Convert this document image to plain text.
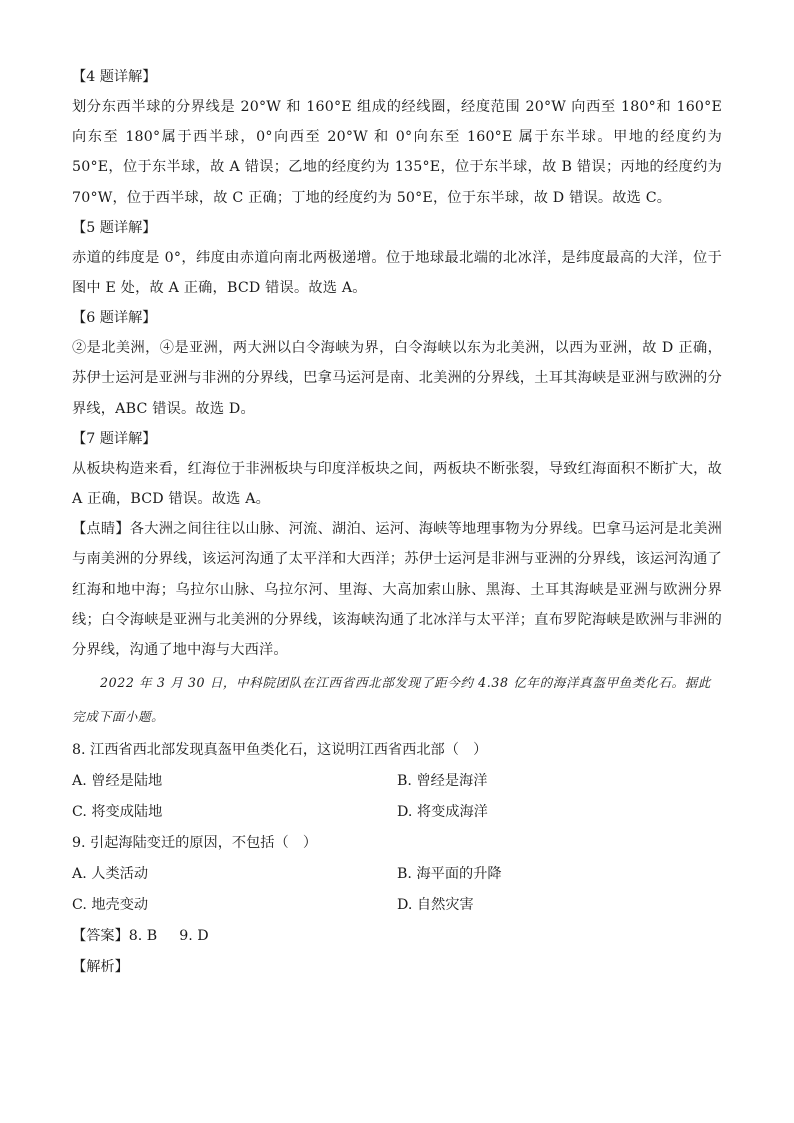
【4 题详解】

划分东西半球的分界线是 20°W 和 160°E 组成的经线圈，经度范围 20°W 向西至 180°和 160°E 向东至 180°属于西半球，0°向西至 20°W 和 0°向东至 160°E 属于东半球。甲地的经度约为 50°E，位于东半球，故 A 错误；乙地的经度约为 135°E，位于东半球，故 B 错误；丙地的经度约为 70°W，位于西半球，故 C 正确；丁地的经度约为 50°E，位于东半球，故 D 错误。故选 C。

【5 题详解】

赤道的纬度是 0°，纬度由赤道向南北两极递增。位于地球最北端的北冰洋，是纬度最高的大洋，位于图中 E 处，故 A 正确，BCD 错误。故选 A。

【6 题详解】

②是北美洲，④是亚洲，两大洲以白令海峡为界，白令海峡以东为北美洲，以西为亚洲，故 D 正确，苏伊士运河是亚洲与非洲的分界线，巴拿马运河是南、北美洲的分界线，土耳其海峡是亚洲与欧洲的分界线，ABC 错误。故选 D。

【7 题详解】

从板块构造来看，红海位于非洲板块与印度洋板块之间，两板块不断张裂，导致红海面积不断扩大，故 A 正确，BCD 错误。故选 A。

【点睛】各大洲之间往往以山脉、河流、湖泊、运河、海峡等地理事物为分界线。巴拿马运河是北美洲与南美洲的分界线，该运河沟通了太平洋和大西洋；苏伊士运河是非洲与亚洲的分界线，该运河沟通了红海和地中海；乌拉尔山脉、乌拉尔河、里海、大高加索山脉、黑海、土耳其海峡是亚洲与欧洲分界线；白令海峡是亚洲与北美洲的分界线，该海峡沟通了北冰洋与太平洋；直布罗陀海峡是欧洲与非洲的分界线，沟通了地中海与大西洋。

2022 年 3 月 30 日，中科院团队在江西省西北部发现了距今约 4.38 亿年的海洋真盔甲鱼类化石。据此

完成下面小题。

8. 江西省西北部发现真盔甲鱼类化石，这说明江西省西北部（　）

A. 曾经是陆地	B. 曾经是海洋
C. 将变成陆地	D. 将变成海洋

9. 引起海陆变迁的原因，不包括（　）

A. 人类活动	B. 海平面的升降
C. 地壳变动	D. 自然灾害

【答案】8. B 9. D

【解析】
